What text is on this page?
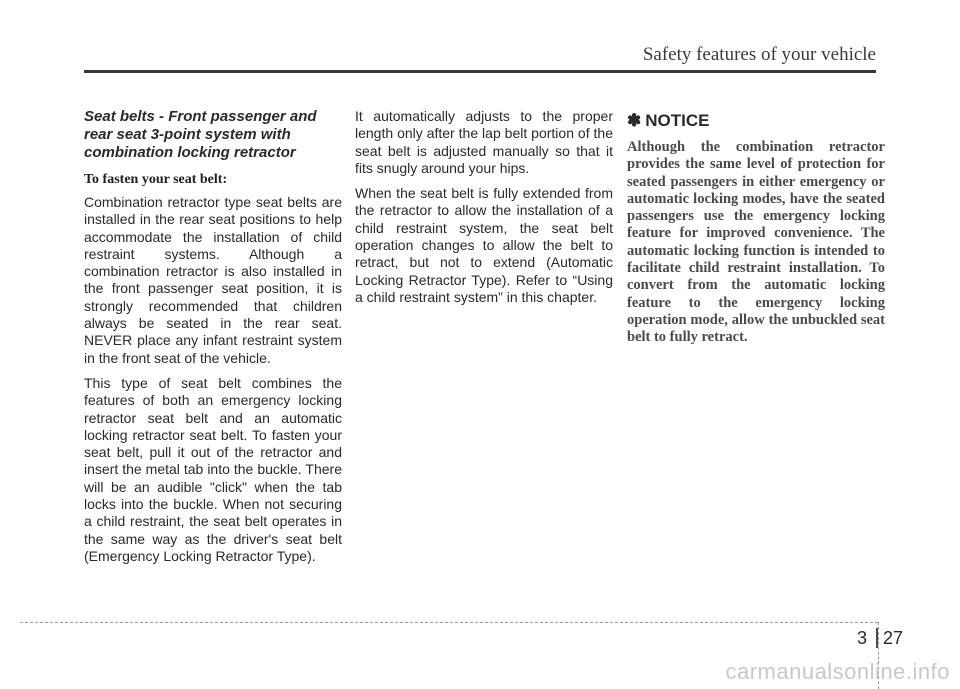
Safety features of your vehicle
Seat belts - Front passenger and rear seat 3-point system with combination locking retractor
To fasten your seat belt:

Combination retractor type seat belts are installed in the rear seat positions to help accommodate the installation of child restraint systems. Although a combination retractor is also installed in the front passenger seat position, it is strongly recommended that children always be seated in the rear seat. NEVER place any infant restraint system in the front seat of the vehicle.

This type of seat belt combines the features of both an emergency locking retractor seat belt and an automatic locking retractor seat belt. To fasten your seat belt, pull it out of the retractor and insert the metal tab into the buckle. There will be an audible "click" when the tab locks into the buckle. When not securing a child restraint, the seat belt operates in the same way as the driver's seat belt (Emergency Locking Retractor Type).

It automatically adjusts to the proper length only after the lap belt portion of the seat belt is adjusted manually so that it fits snugly around your hips.

When the seat belt is fully extended from the retractor to allow the installation of a child restraint system, the seat belt operation changes to allow the belt to retract, but not to extend (Automatic Locking Retractor Type). Refer to “Using a child restraint system” in this chapter.

✽ NOTICE

Although the combination retractor provides the same level of protection for seated passengers in either emergency or automatic locking modes, have the seated passengers use the emergency locking feature for improved convenience. The automatic locking function is intended to facilitate child restraint installation. To convert from the automatic locking feature to the emergency locking operation mode, allow the unbuckled seat belt to fully retract.

3 27
carmanualsonline.info
